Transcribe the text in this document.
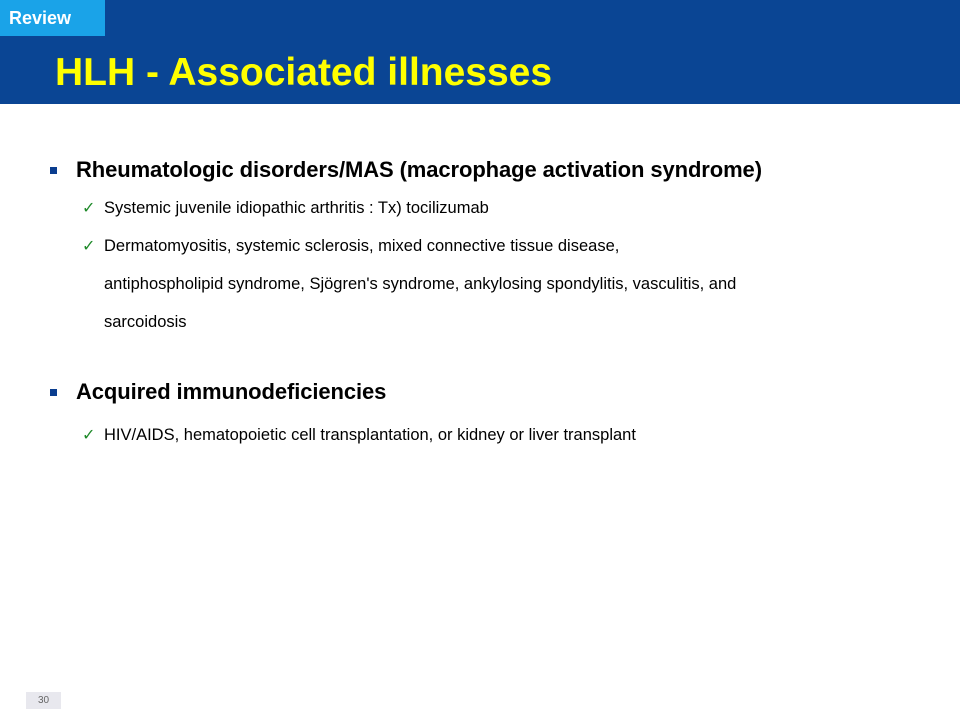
Review
HLH - Associated illnesses
Rheumatologic disorders/MAS (macrophage activation syndrome)
✓ Systemic juvenile idiopathic arthritis : Tx) tocilizumab
✓ Dermatomyositis, systemic sclerosis, mixed connective tissue disease,
antiphospholipid syndrome, Sjögren's syndrome, ankylosing spondylitis, vasculitis, and
sarcoidosis
Acquired immunodeficiencies
✓ HIV/AIDS, hematopoietic cell transplantation, or kidney or liver transplant
30
